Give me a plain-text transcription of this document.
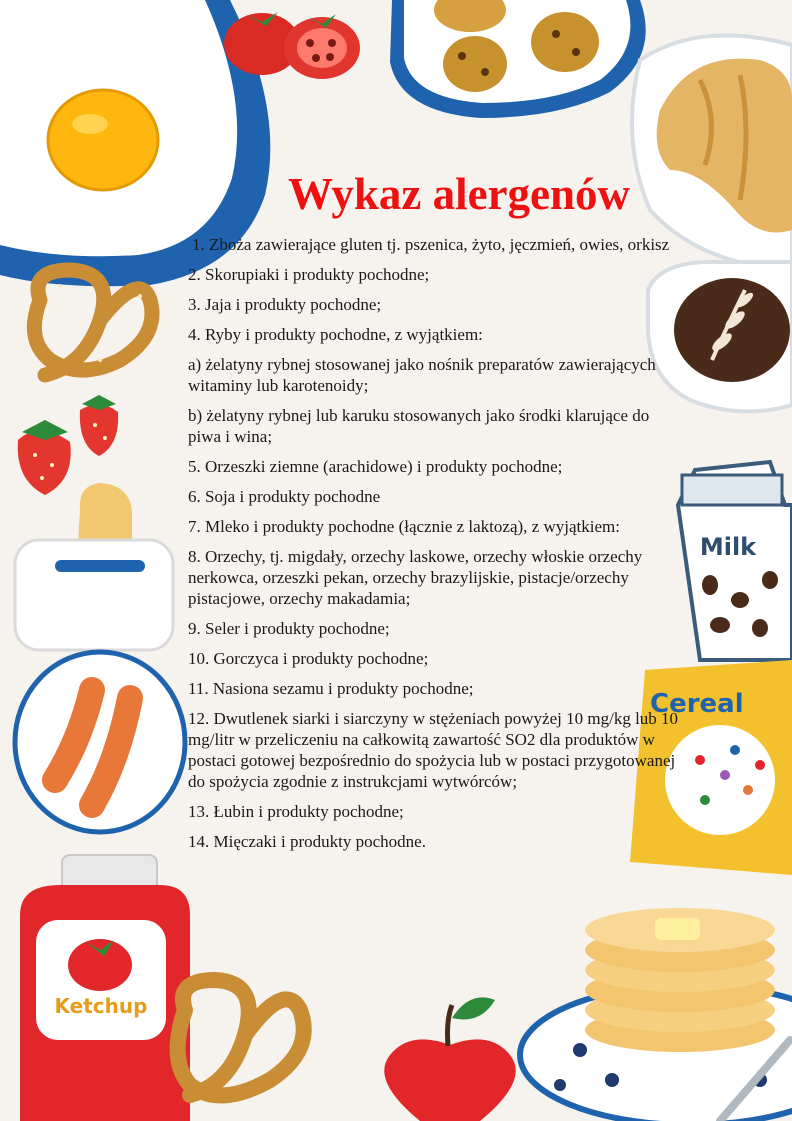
Ketchup
Milk
Cereal
Wykaz alergenów
1. Zboża zawierające gluten tj. pszenica, żyto, jęczmień, owies, orkisz
2. Skorupiaki i produkty pochodne;
3. Jaja i produkty pochodne;
4. Ryby i produkty pochodne, z wyjątkiem:
a) żelatyny rybnej stosowanej jako nośnik preparatów zawierających witaminy lub karotenoidy;
b) żelatyny rybnej lub karuku stosowanych jako środki klarujące do piwa i wina;
5. Orzeszki ziemne (arachidowe) i produkty pochodne;
6. Soja i produkty pochodne
7. Mleko i produkty pochodne (łącznie z laktozą), z wyjątkiem:
8. Orzechy, tj. migdały, orzechy laskowe, orzechy włoskie orzechy nerkowca, orzeszki pekan, orzechy brazylijskie, pistacje/orzechy pistacjowe, orzechy makadamia;
9. Seler i produkty pochodne;
10. Gorczyca i produkty pochodne;
11. Nasiona sezamu i produkty pochodne;
12. Dwutlenek siarki i siarczyny w stężeniach powyżej 10 mg/kg lub 10 mg/litr w przeliczeniu na całkowitą zawartość SO2 dla produktów w postaci gotowej bezpośrednio do spożycia lub w postaci przygotowanej do spożycia zgodnie z instrukcjami wytwórców;
13. Łubin i produkty pochodne;
14. Mięczaki i produkty pochodne.
